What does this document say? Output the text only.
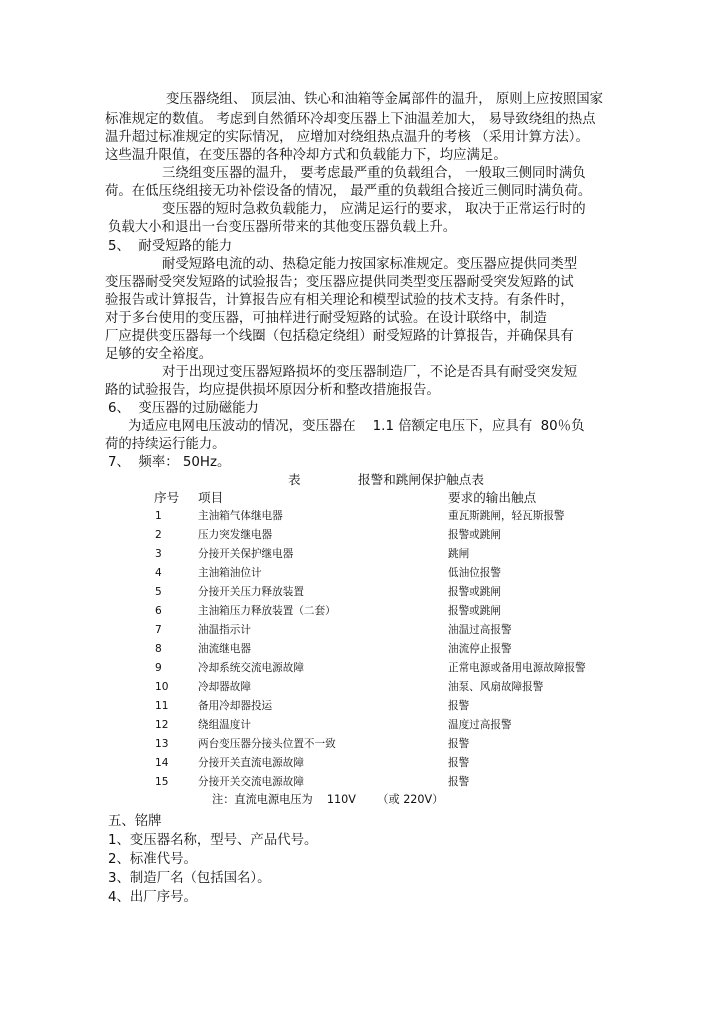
变压器绕组、 顶层油、铁心和油箱等金属部件的温升， 原则上应按照国家
标准规定的数值。 考虑到自然循环冷却变压器上下油温差加大， 易导致绕组的热点
温升超过标准规定的实际情况， 应增加对绕组热点温升的考核 （采用计算方法）。
这些温升限值，在变压器的各种冷却方式和负载能力下，均应满足。
三绕组变压器的温升， 要考虑最严重的负载组合， 一般取三侧同时满负
荷。在低压绕组接无功补偿设备的情况， 最严重的负载组合接近三侧同时满负荷。
变压器的短时急救负载能力， 应满足运行的要求， 取决于正常运行时的
负载大小和退出一台变压器所带来的其他变压器负载上升。
5、  耐受短路的能力
耐受短路电流的动、热稳定能力按国家标准规定。变压器应提供同类型
变压器耐受突发短路的试验报告；变压器应提供同类型变压器耐受突发短路的试
验报告或计算报告，计算报告应有相关理论和模型试验的技术支持。有条件时，
对于多台使用的变压器，可抽样进行耐受短路的试验。在设计联络中，制造
厂应提供变压器每一个线圈（包括稳定绕组）耐受短路的计算报告，并确保具有
足够的安全裕度。
对于出现过变压器短路损坏的变压器制造厂，不论是否具有耐受突发短
路的试验报告，均应提供损坏原因分析和整改措施报告。
6、  变压器的过励磁能力
为适应电网电压波动的情况，变压器在    1.1 倍额定电压下，应具有  80％负
荷的持续运行能力。
7、  频率： 50Hz。
表	报警和跳闸保护触点表
序号 项目	要求的输出触点
1	主油箱气体继电器	重瓦斯跳闸，轻瓦斯报警
2	压力突发继电器	报警或跳闸
3	分接开关保护继电器	跳闸
4	主油箱油位计	低油位报警
5	分接开关压力释放装置	报警或跳闸
6	主油箱压力释放装置（二套）	报警或跳闸
7	油温指示计	油温过高报警
8	油流继电器	油流停止报警
9	冷却系统交流电源故障	正常电源或备用电源故障报警
10	冷却器故障	油泵、风扇故障报警
11	备用冷却器投运	报警
12	绕组温度计	温度过高报警
13	两台变压器分接头位置不一致	报警
14	分接开关直流电源故障	报警
15	分接开关交流电源故障	报警
注：直流电源电压为    110V      （或 220V）
五、铭牌
1、变压器名称，型号、产品代号。
2、标准代号。
3、制造厂名（包括国名）。
4、出厂序号。
